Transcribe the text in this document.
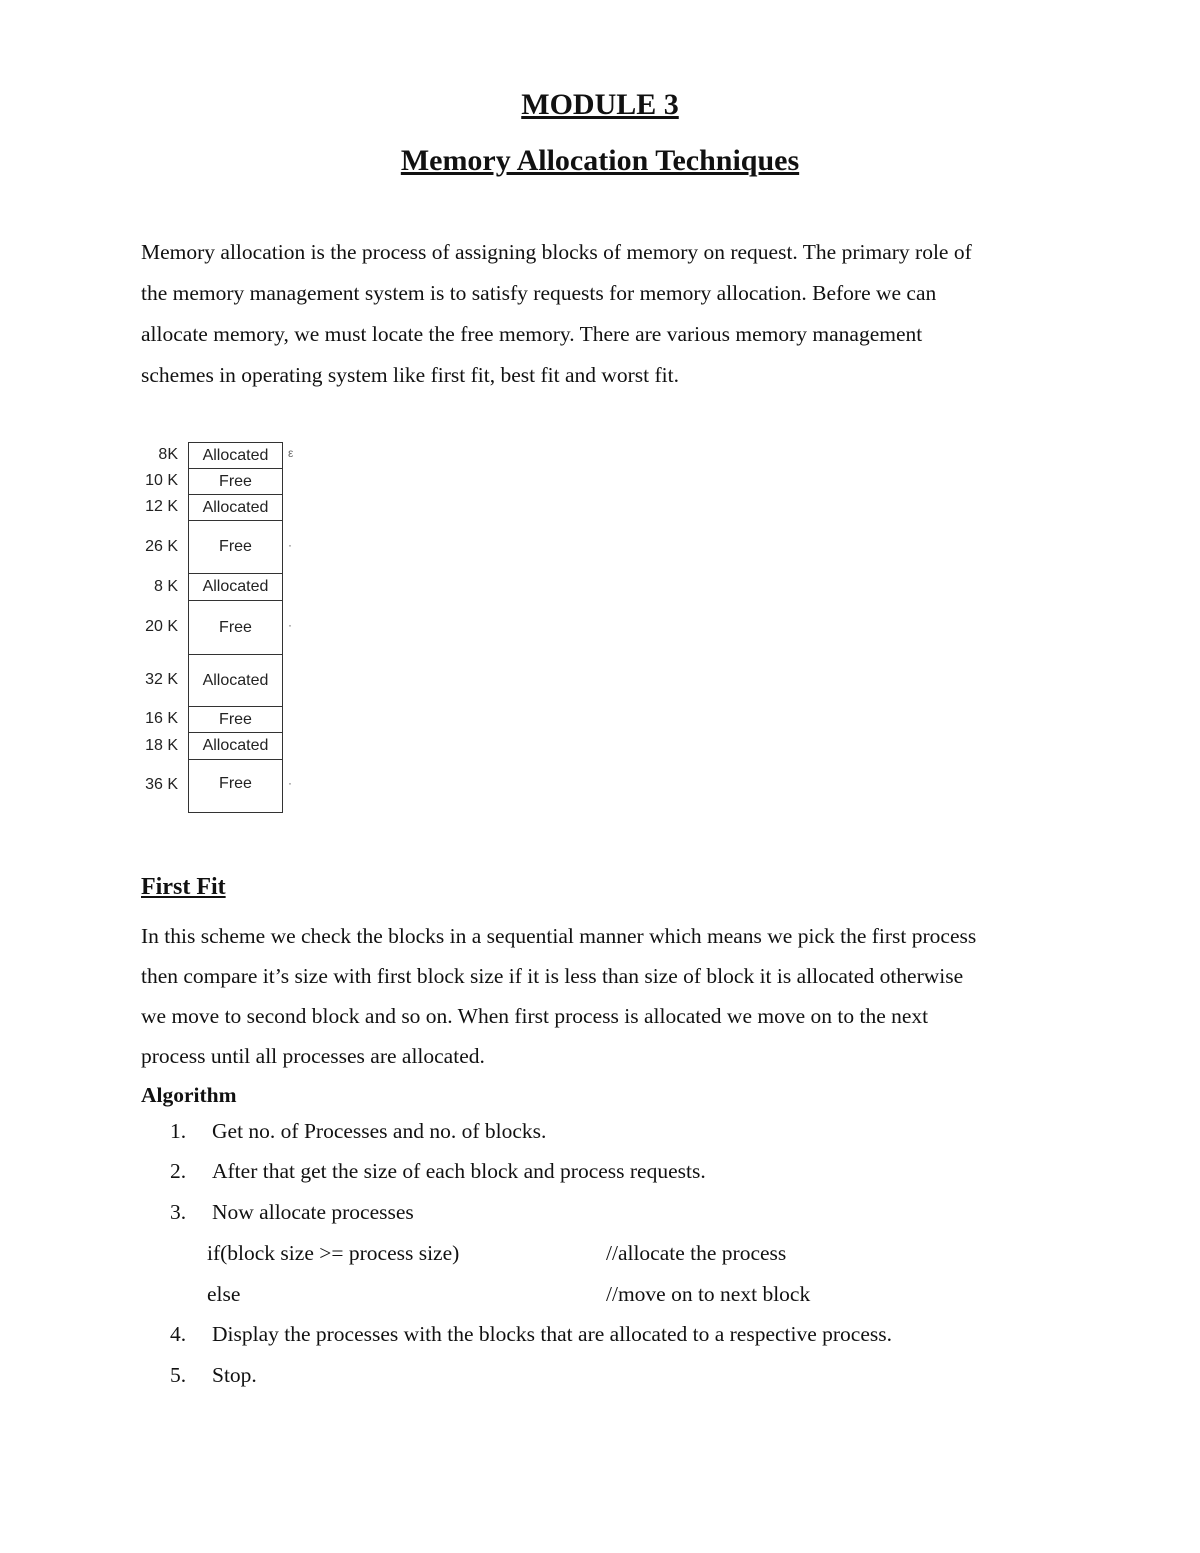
MODULE 3
Memory Allocation Techniques

Memory allocation is the process of assigning blocks of memory on request. The primary role of

the memory management system is to satisfy requests for memory allocation. Before we can

allocate memory, we must locate the free memory. There are various memory management

schemes in operating system like first fit, best fit and worst fit.

8K	Allocated	ε
10 K	Free
12 K	Allocated
26 K	Free	·
8 K	Allocated
20 K	Free	·
32 K	Allocated
16 K	Free
18 K	Allocated
36 K	Free	·
First Fit

In this scheme we check the blocks in a sequential manner which means we pick the first process

then compare it’s size with first block size if it is less than size of block it is allocated otherwise

we move to second block and so on. When first process is allocated we move on to the next

process until all processes are allocated.

Algorithm
1. Get no. of Processes and no. of blocks.
2. After that get the size of each block and process requests.
3. Now allocate processes
if(block size >= process size)	//allocate the process
else	//move on to next block
4. Display the processes with the blocks that are allocated to a respective process.
5. Stop.
